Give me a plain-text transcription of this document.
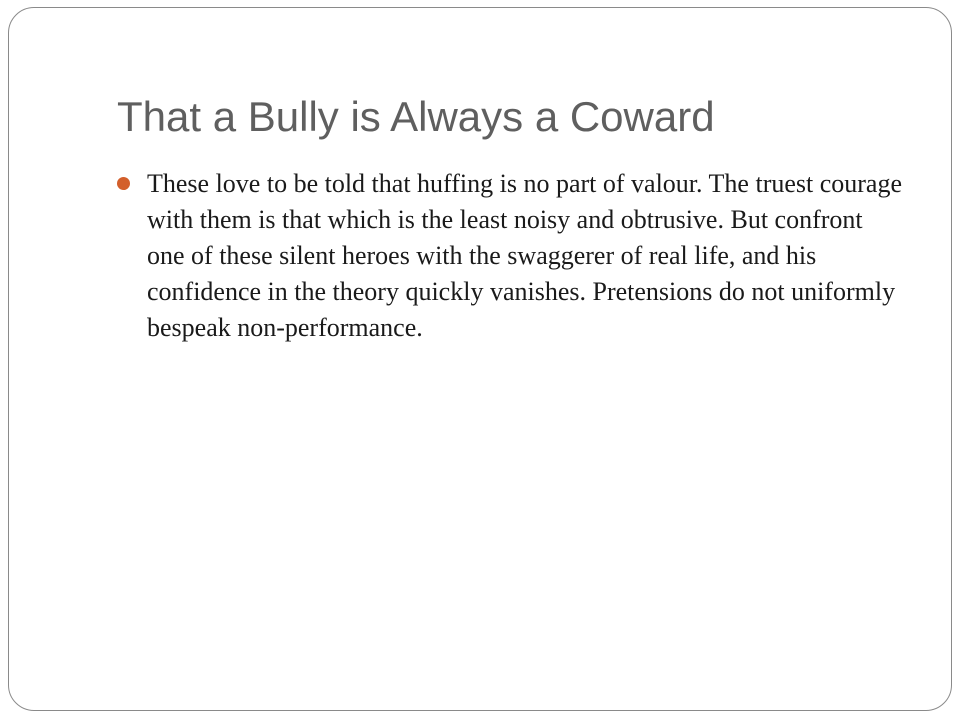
That a Bully is Always a Coward
These love to be told that huffing is no part of valour. The truest courage with them is that which is the least noisy and obtrusive. But confront one of these silent heroes with the swaggerer of real life, and his confidence in the theory quickly vanishes. Pretensions do not uniformly bespeak non-performance.
